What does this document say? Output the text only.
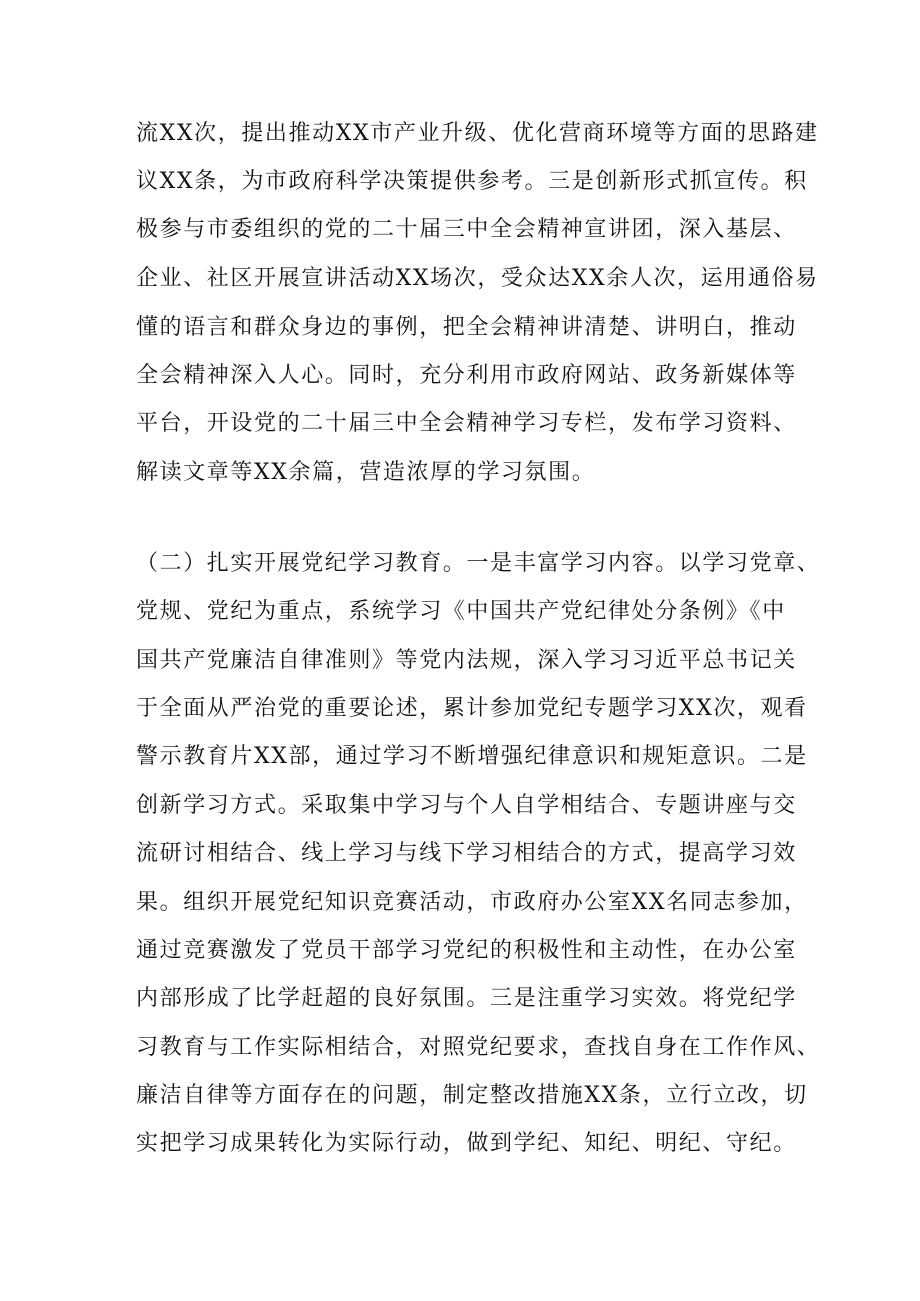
流XX次，提出推动XX市产业升级、优化营商环境等方面的思路建
议XX条，为市政府科学决策提供参考。三是创新形式抓宣传。积
极参与市委组织的党的二十届三中全会精神宣讲团，深入基层、
企业、社区开展宣讲活动XX场次，受众达XX余人次，运用通俗易
懂的语言和群众身边的事例，把全会精神讲清楚、讲明白，推动
全会精神深入人心。同时，充分利用市政府网站、政务新媒体等
平台，开设党的二十届三中全会精神学习专栏，发布学习资料、
解读文章等XX余篇，营造浓厚的学习氛围。
（二）扎实开展党纪学习教育。一是丰富学习内容。以学习党章、
党规、党纪为重点，系统学习《中国共产党纪律处分条例》《中
国共产党廉洁自律准则》等党内法规，深入学习习近平总书记关
于全面从严治党的重要论述，累计参加党纪专题学习XX次，观看
警示教育片XX部，通过学习不断增强纪律意识和规矩意识。二是
创新学习方式。采取集中学习与个人自学相结合、专题讲座与交
流研讨相结合、线上学习与线下学习相结合的方式，提高学习效
果。组织开展党纪知识竞赛活动，市政府办公室XX名同志参加，
通过竞赛激发了党员干部学习党纪的积极性和主动性，在办公室
内部形成了比学赶超的良好氛围。三是注重学习实效。将党纪学
习教育与工作实际相结合，对照党纪要求，查找自身在工作作风、
廉洁自律等方面存在的问题，制定整改措施XX条，立行立改，切
实把学习成果转化为实际行动，做到学纪、知纪、明纪、守纪。
